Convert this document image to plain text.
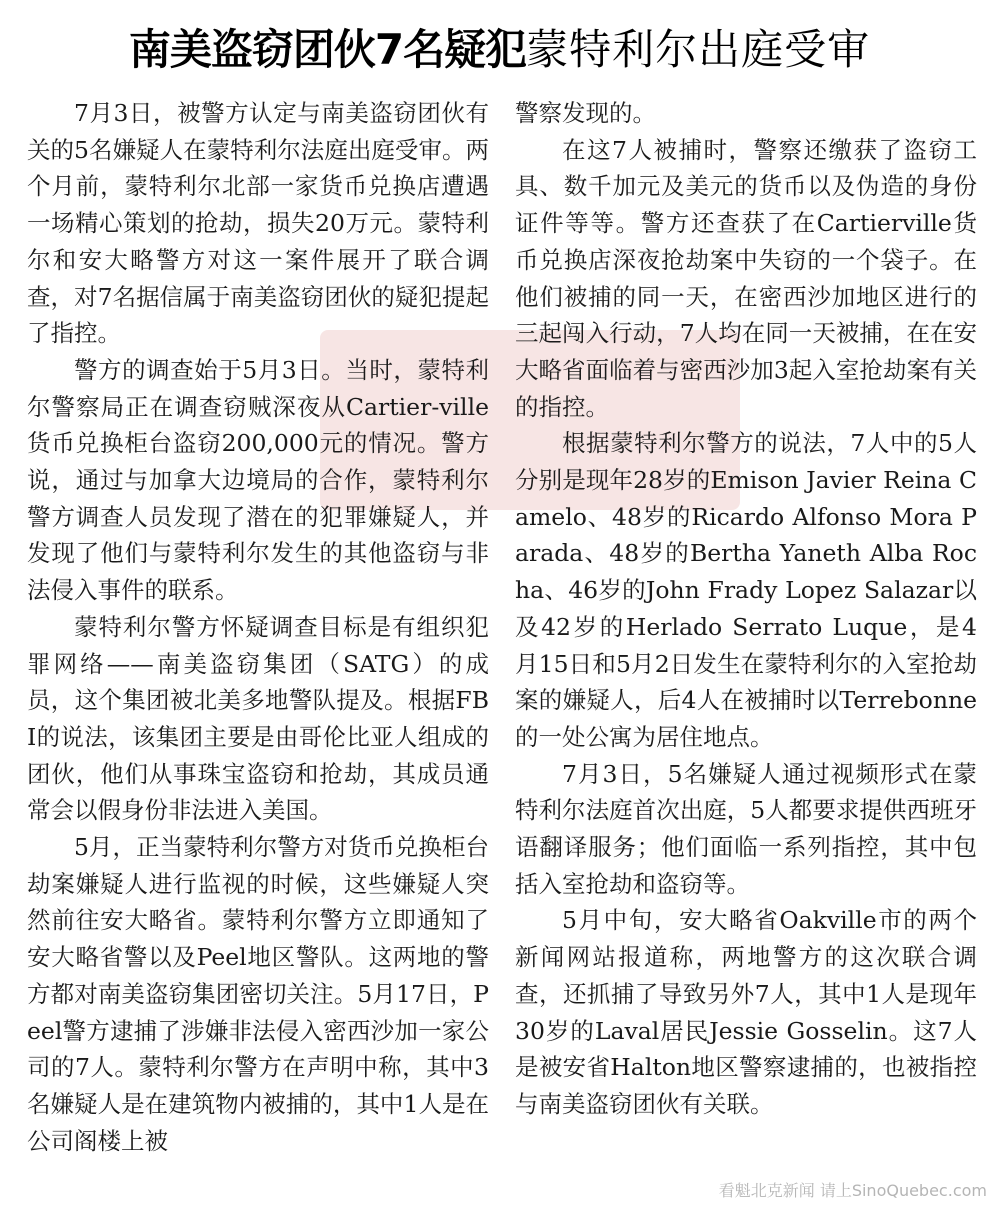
南美盗窃团伙7名疑犯蒙特利尔出庭受审

7月3日，被警方认定与南美盗窃团伙有关的5名嫌疑人在蒙特利尔法庭出庭受审。两个月前，蒙特利尔北部一家货币兑换店遭遇一场精心策划的抢劫，损失20万元。蒙特利尔和安大略警方对这一案件展开了联合调查，对7名据信属于南美盗窃团伙的疑犯提起了指控。

警方的调查始于5月3日。当时，蒙特利尔警察局正在调查窃贼深夜从Cartier-ville货币兑换柜台盗窃200,000元的情况。警方说，通过与加拿大边境局的合作，蒙特利尔警方调查人员发现了潜在的犯罪嫌疑人，并发现了他们与蒙特利尔发生的其他盗窃与非法侵入事件的联系。

蒙特利尔警方怀疑调查目标是有组织犯罪网络——南美盗窃集团（SATG）的成员，这个集团被北美多地警队提及。根据FBI的说法，该集团主要是由哥伦比亚人组成的团伙，他们从事珠宝盗窃和抢劫，其成员通常会以假身份非法进入美国。

5月，正当蒙特利尔警方对货币兑换柜台劫案嫌疑人进行监视的时候，这些嫌疑人突然前往安大略省。蒙特利尔警方立即通知了安大略省警以及Peel地区警队。这两地的警方都对南美盗窃集团密切关注。5月17日，Peel警方逮捕了涉嫌非法侵入密西沙加一家公司的7人。蒙特利尔警方在声明中称，其中3名嫌疑人是在建筑物内被捕的，其中1人是在公司阁楼上被

警察发现的。

在这7人被捕时，警察还缴获了盗窃工具、数千加元及美元的货币以及伪造的身份证件等等。警方还查获了在Cartierville货币兑换店深夜抢劫案中失窃的一个袋子。在他们被捕的同一天，在密西沙加地区进行的三起闯入行动，7人均在同一天被捕，在在安大略省面临着与密西沙加3起入室抢劫案有关的指控。

根据蒙特利尔警方的说法，7人中的5人分别是现年28岁的Emison Javier Reina Camelo、48岁的Ricardo Alfonso Mora Parada、48岁的Bertha Yaneth Alba Rocha、46岁的John Frady Lopez Salazar以及42岁的Herlado Serrato Luque，是4月15日和5月2日发生在蒙特利尔的入室抢劫案的嫌疑人，后4人在被捕时以Terrebonne的一处公寓为居住地点。

7月3日，5名嫌疑人通过视频形式在蒙特利尔法庭首次出庭，5人都要求提供西班牙语翻译服务；他们面临一系列指控，其中包括入室抢劫和盗窃等。

5月中旬，安大略省Oakville市的两个新闻网站报道称，两地警方的这次联合调查，还抓捕了导致另外7人，其中1人是现年30岁的Laval居民Jessie Gosselin。这7人是被安省Halton地区警察逮捕的，也被指控与南美盗窃团伙有关联。

看魁北克新闻 请上SinoQuebec.com
